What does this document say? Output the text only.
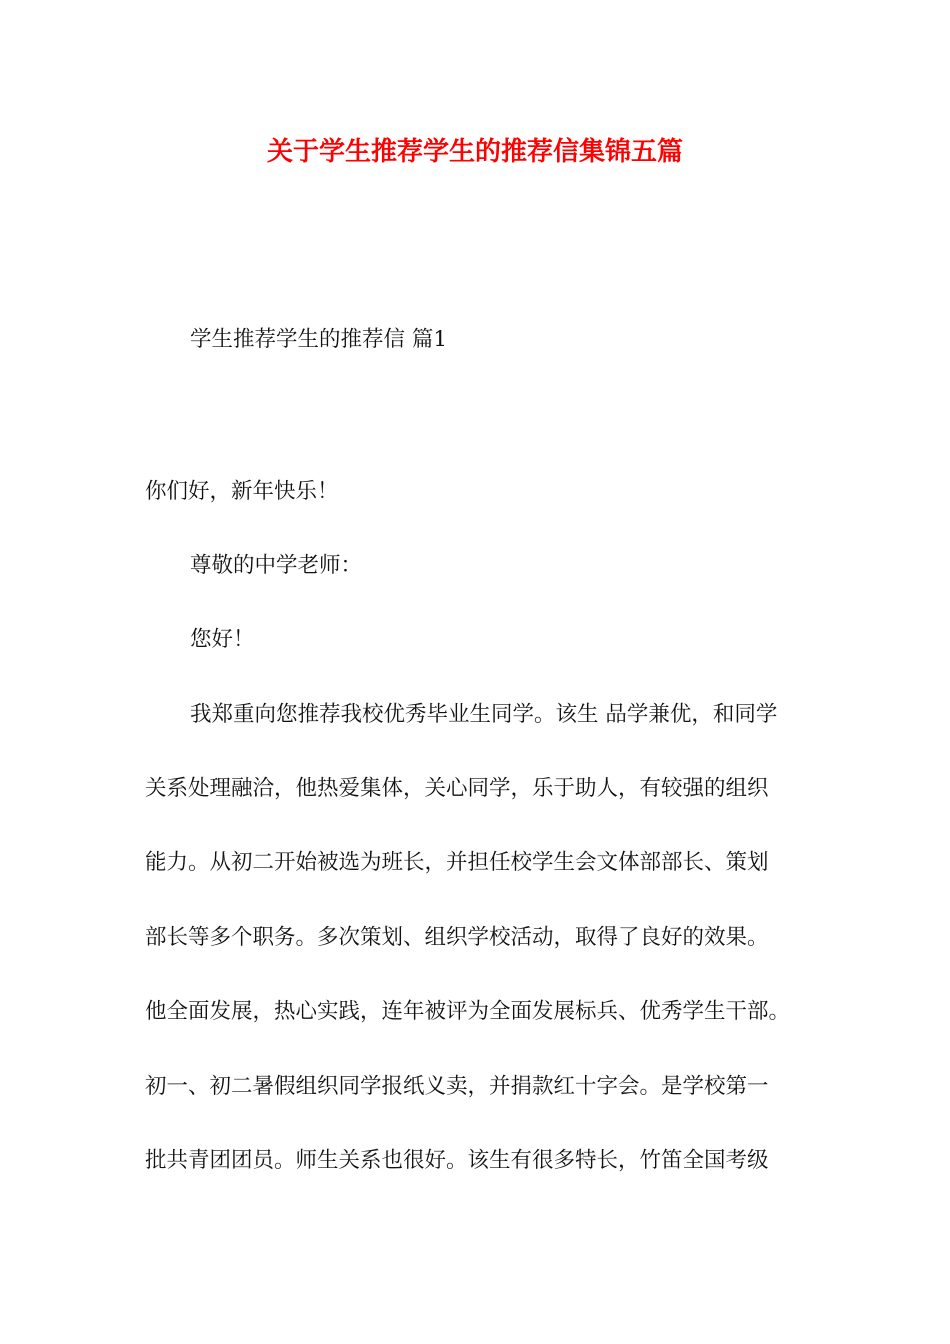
关于学生推荐学生的推荐信集锦五篇
学生推荐学生的推荐信 篇1
你们好，新年快乐！
尊敬的中学老师：
您好！
我郑重向您推荐我校优秀毕业生同学。该生 品学兼优，和同学
关系处理融洽，他热爱集体，关心同学，乐于助人，有较强的组织
能力。从初二开始被选为班长，并担任校学生会文体部部长、策划
部长等多个职务。多次策划、组织学校活动，取得了良好的效果。
他全面发展，热心实践，连年被评为全面发展标兵、优秀学生干部。
初一、初二暑假组织同学报纸义卖，并捐款红十字会。是学校第一
批共青团团员。师生关系也很好。该生有很多特长，竹笛全国考级
